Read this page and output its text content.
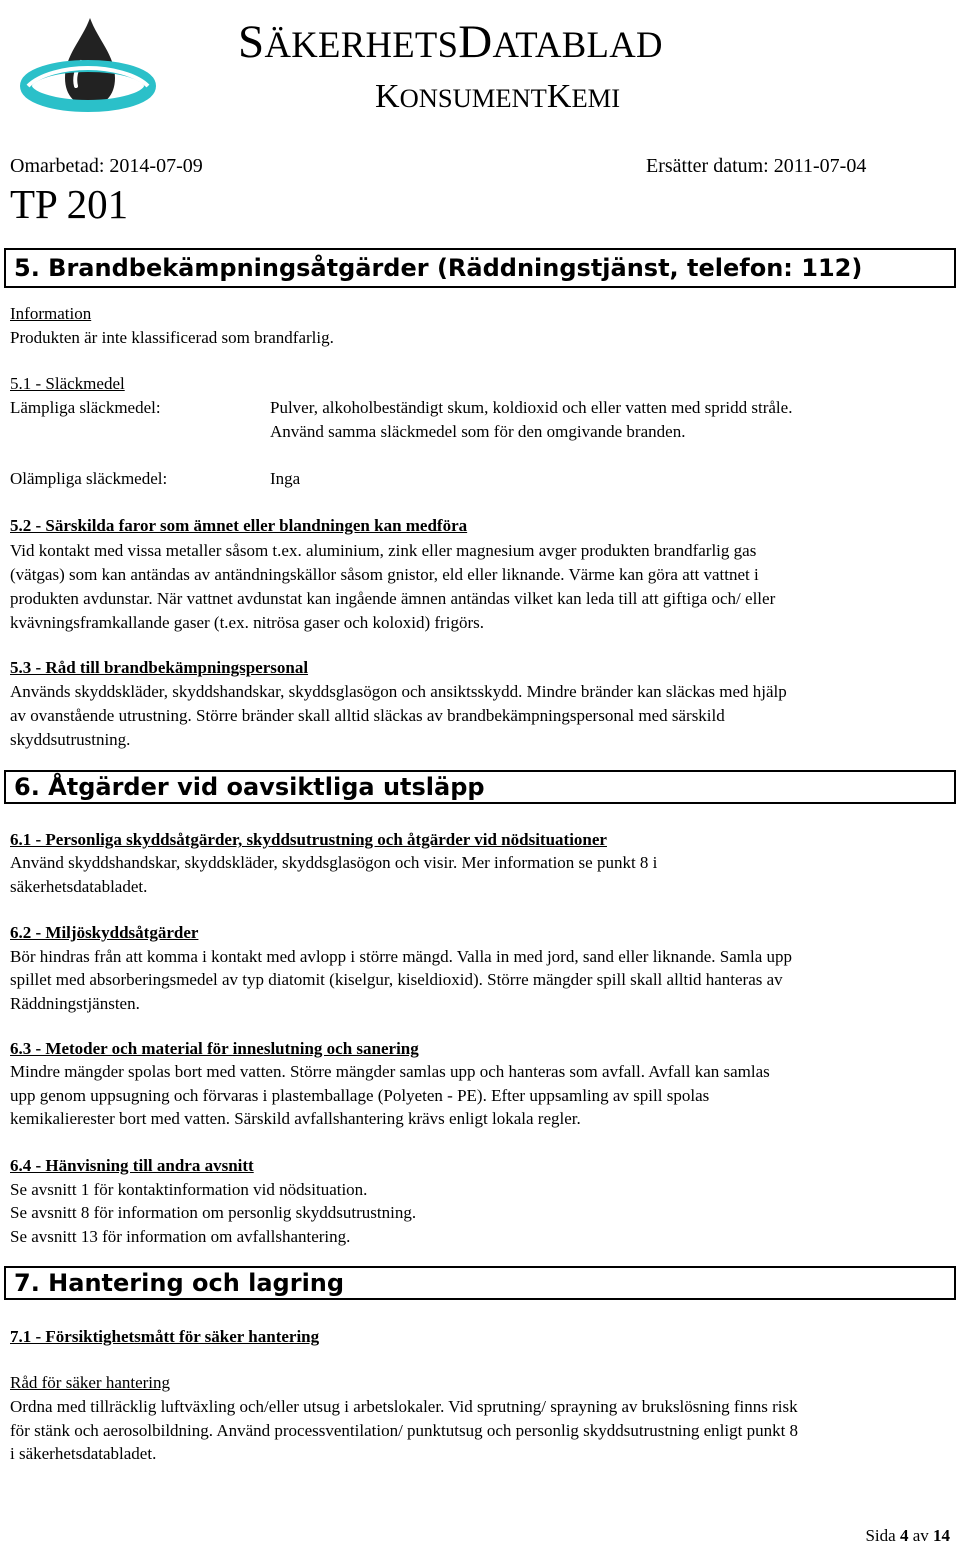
SÄKERHETSDATABLAD
KONSUMENTKEMI
Omarbetad: 2014-07-09	Ersätter datum: 2011-07-04
TP 201
5. Brandbekämpningsåtgärder (Räddningstjänst, telefon: 112)
Information
Produkten är inte klassificerad som brandfarlig.
5.1 - Släckmedel
Lämpliga släckmedel:	Pulver, alkoholbeständigt skum, koldioxid och eller vatten med spridd stråle.
Använd samma släckmedel som för den omgivande branden.
Olämpliga släckmedel:	Inga
5.2 - Särskilda faror som ämnet eller blandningen kan medföra
Vid kontakt med vissa metaller såsom t.ex. aluminium, zink eller magnesium avger produkten brandfarlig gas
(vätgas) som kan antändas av antändningskällor såsom gnistor, eld eller liknande. Värme kan göra att vattnet i
produkten avdunstar. När vattnet avdunstat kan ingående ämnen antändas vilket kan leda till att giftiga och/ eller
kvävningsframkallande gaser (t.ex. nitrösa gaser och koloxid) frigörs.
5.3 - Råd till brandbekämpningspersonal
Används skyddskläder, skyddshandskar, skyddsglasögon och ansiktsskydd. Mindre bränder kan släckas med hjälp
av ovanstående utrustning. Större bränder skall alltid släckas av brandbekämpningspersonal med särskild
skyddsutrustning.
6. Åtgärder vid oavsiktliga utsläpp
6.1 - Personliga skyddsåtgärder, skyddsutrustning och åtgärder vid nödsituationer
Använd skyddshandskar, skyddskläder, skyddsglasögon och visir. Mer information se punkt 8 i
säkerhetsdatabladet.
6.2 - Miljöskyddsåtgärder
Bör hindras från att komma i kontakt med avlopp i större mängd. Valla in med jord, sand eller liknande. Samla upp
spillet med absorberingsmedel av typ diatomit (kiselgur, kiseldioxid). Större mängder spill skall alltid hanteras av
Räddningstjänsten.
6.3 - Metoder och material för inneslutning och sanering
Mindre mängder spolas bort med vatten. Större mängder samlas upp och hanteras som avfall. Avfall kan samlas
upp genom uppsugning och förvaras i plastemballage (Polyeten - PE). Efter uppsamling av spill spolas
kemikalierester bort med vatten. Särskild avfallshantering krävs enligt lokala regler.
6.4 - Hänvisning till andra avsnitt
Se avsnitt 1 för kontaktinformation vid nödsituation.
Se avsnitt 8 för information om personlig skyddsutrustning.
Se avsnitt 13 för information om avfallshantering.
7. Hantering och lagring
7.1 - Försiktighetsmått för säker hantering
Råd för säker hantering
Ordna med tillräcklig luftväxling och/eller utsug i arbetslokaler. Vid sprutning/ sprayning av brukslösning finns risk
för stänk och aerosolbildning. Använd processventilation/ punktutsug och personlig skyddsutrustning enligt punkt 8
i säkerhetsdatabladet.
Sida 4 av 14
